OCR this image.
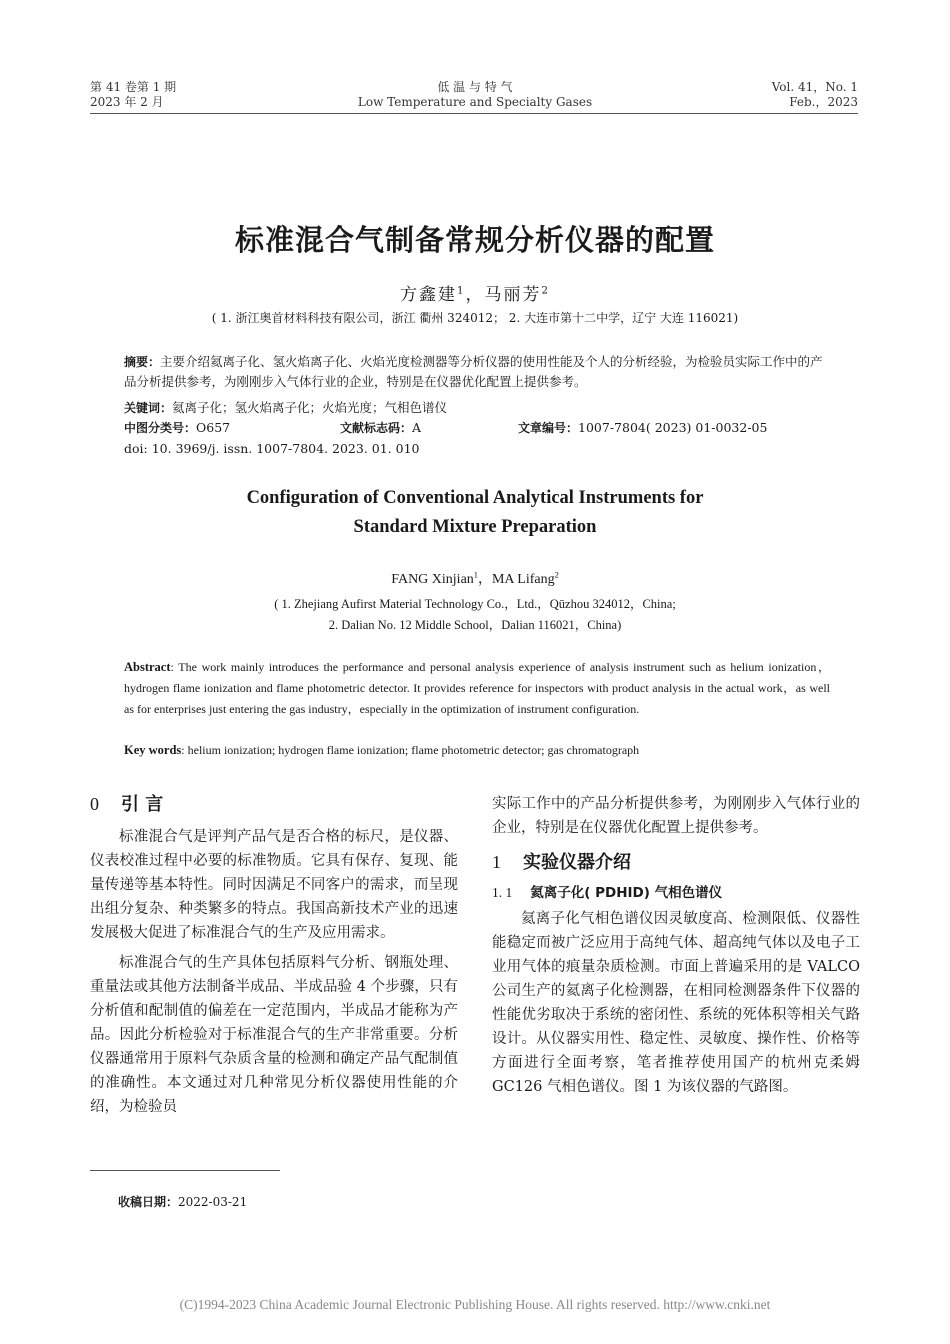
第 41 卷第 1 期
2023 年 2 月
低 温 与 特 气
Low Temperature and Specialty Gases
Vol. 41，No. 1
Feb.，2023
标准混合气制备常规分析仪器的配置
方鑫建$^1$，马丽芳$^2$
( 1. 浙江奥首材料科技有限公司，浙江 衢州 324012； 2. 大连市第十二中学，辽宁 大连 116021)
摘要：主要介绍氦离子化、氢火焰离子化、火焰光度检测器等分析仪器的使用性能及个人的分析经验，为检验员实际工作中的产品分析提供参考，为刚刚步入气体行业的企业，特别是在仪器优化配置上提供参考。
关键词：氦离子化；氢火焰离子化；火焰光度；气相色谱仪
中图分类号：O657	文献标志码：A	文章编号：1007-7804( 2023) 01-0032-05
doi: 10. 3969/j. issn. 1007-7804. 2023. 01. 010
Configuration of Conventional Analytical Instruments for
Standard Mixture Preparation
FANG Xinjian$^1$，MA Lifang$^2$
( 1. Zhejiang Aufirst Material Technology Co.，Ltd.，Qūzhou 324012，China;
2. Dalian No. 12 Middle School，Dalian 116021，China)
Abstract: The work mainly introduces the performance and personal analysis experience of analysis instrument such as helium ionization，hydrogen flame ionization and flame photometric detector. It provides reference for inspectors with product analysis in the actual work，as well as for enterprises just entering the gas industry，especially in the optimization of instrument configuration.
Key words: helium ionization; hydrogen flame ionization; flame photometric detector; gas chromatograph
0 引 言
标准混合气是评判产品气是否合格的标尺，是仪器、仪表校准过程中必要的标准物质。它具有保存、复现、能量传递等基本特性。同时因满足不同客户的需求，而呈现出组分复杂、种类繁多的特点。我国高新技术产业的迅速发展极大促进了标准混合气的生产及应用需求。
标准混合气的生产具体包括原料气分析、钢瓶处理、重量法或其他方法制备半成品、半成品验 4 个步骤，只有分析值和配制值的偏差在一定范围内，半成品才能称为产品。因此分析检验对于标准混合气的生产非常重要。分析仪器通常用于原料气杂质含量的检测和确定产品气配制值的准确性。本文通过对几种常见分析仪器使用性能的介绍，为检验员
实际工作中的产品分析提供参考，为刚刚步入气体行业的企业，特别是在仪器优化配置上提供参考。
1 实验仪器介绍
1. 1 氦离子化( PDHID) 气相色谱仪
氦离子化气相色谱仪因灵敏度高、检测限低、仪器性能稳定而被广泛应用于高纯气体、超高纯气体以及电子工业用气体的痕量杂质检测。市面上普遍采用的是 VALCO 公司生产的氦离子化检测器，在相同检测器条件下仪器的性能优劣取决于系统的密闭性、系统的死体积等相关气路设计。从仪器实用性、稳定性、灵敏度、操作性、价格等方面进行全面考察，笔者推荐使用国产的杭州克柔姆 GC126 气相色谱仪。图 1 为该仪器的气路图。
收稿日期：2022-03-21
(C)1994-2023 China Academic Journal Electronic Publishing House. All rights reserved. http://www.cnki.net
